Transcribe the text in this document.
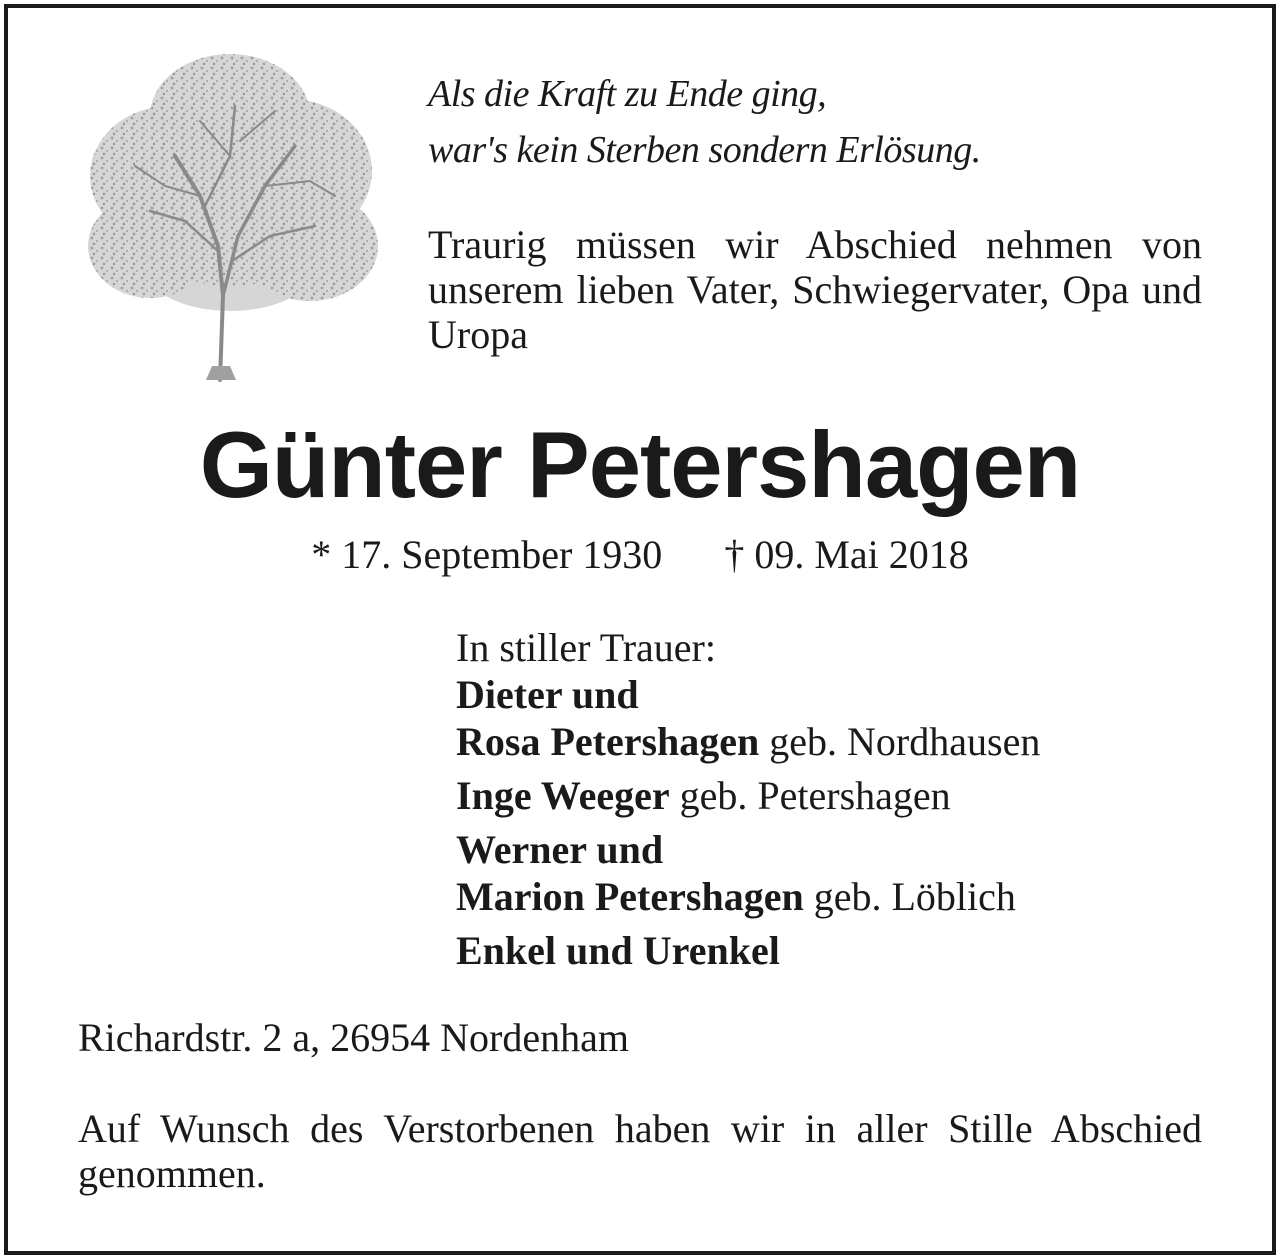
Als die Kraft zu Ende ging,
war's kein Sterben sondern Erlösung.
Traurig müssen wir Abschied nehmen von unserem lieben Vater, Schwiegervater, Opa und Uropa
Günter Petershagen
* 17. September 1930 † 09. Mai 2018
In stiller Trauer:
Dieter und
Rosa Petershagen geb. Nordhausen
Inge Weeger geb. Petershagen
Werner und
Marion Petershagen geb. Löblich
Enkel und Urenkel
Richardstr. 2 a, 26954 Nordenham
Auf Wunsch des Verstorbenen haben wir in aller Stille Abschied genommen.
